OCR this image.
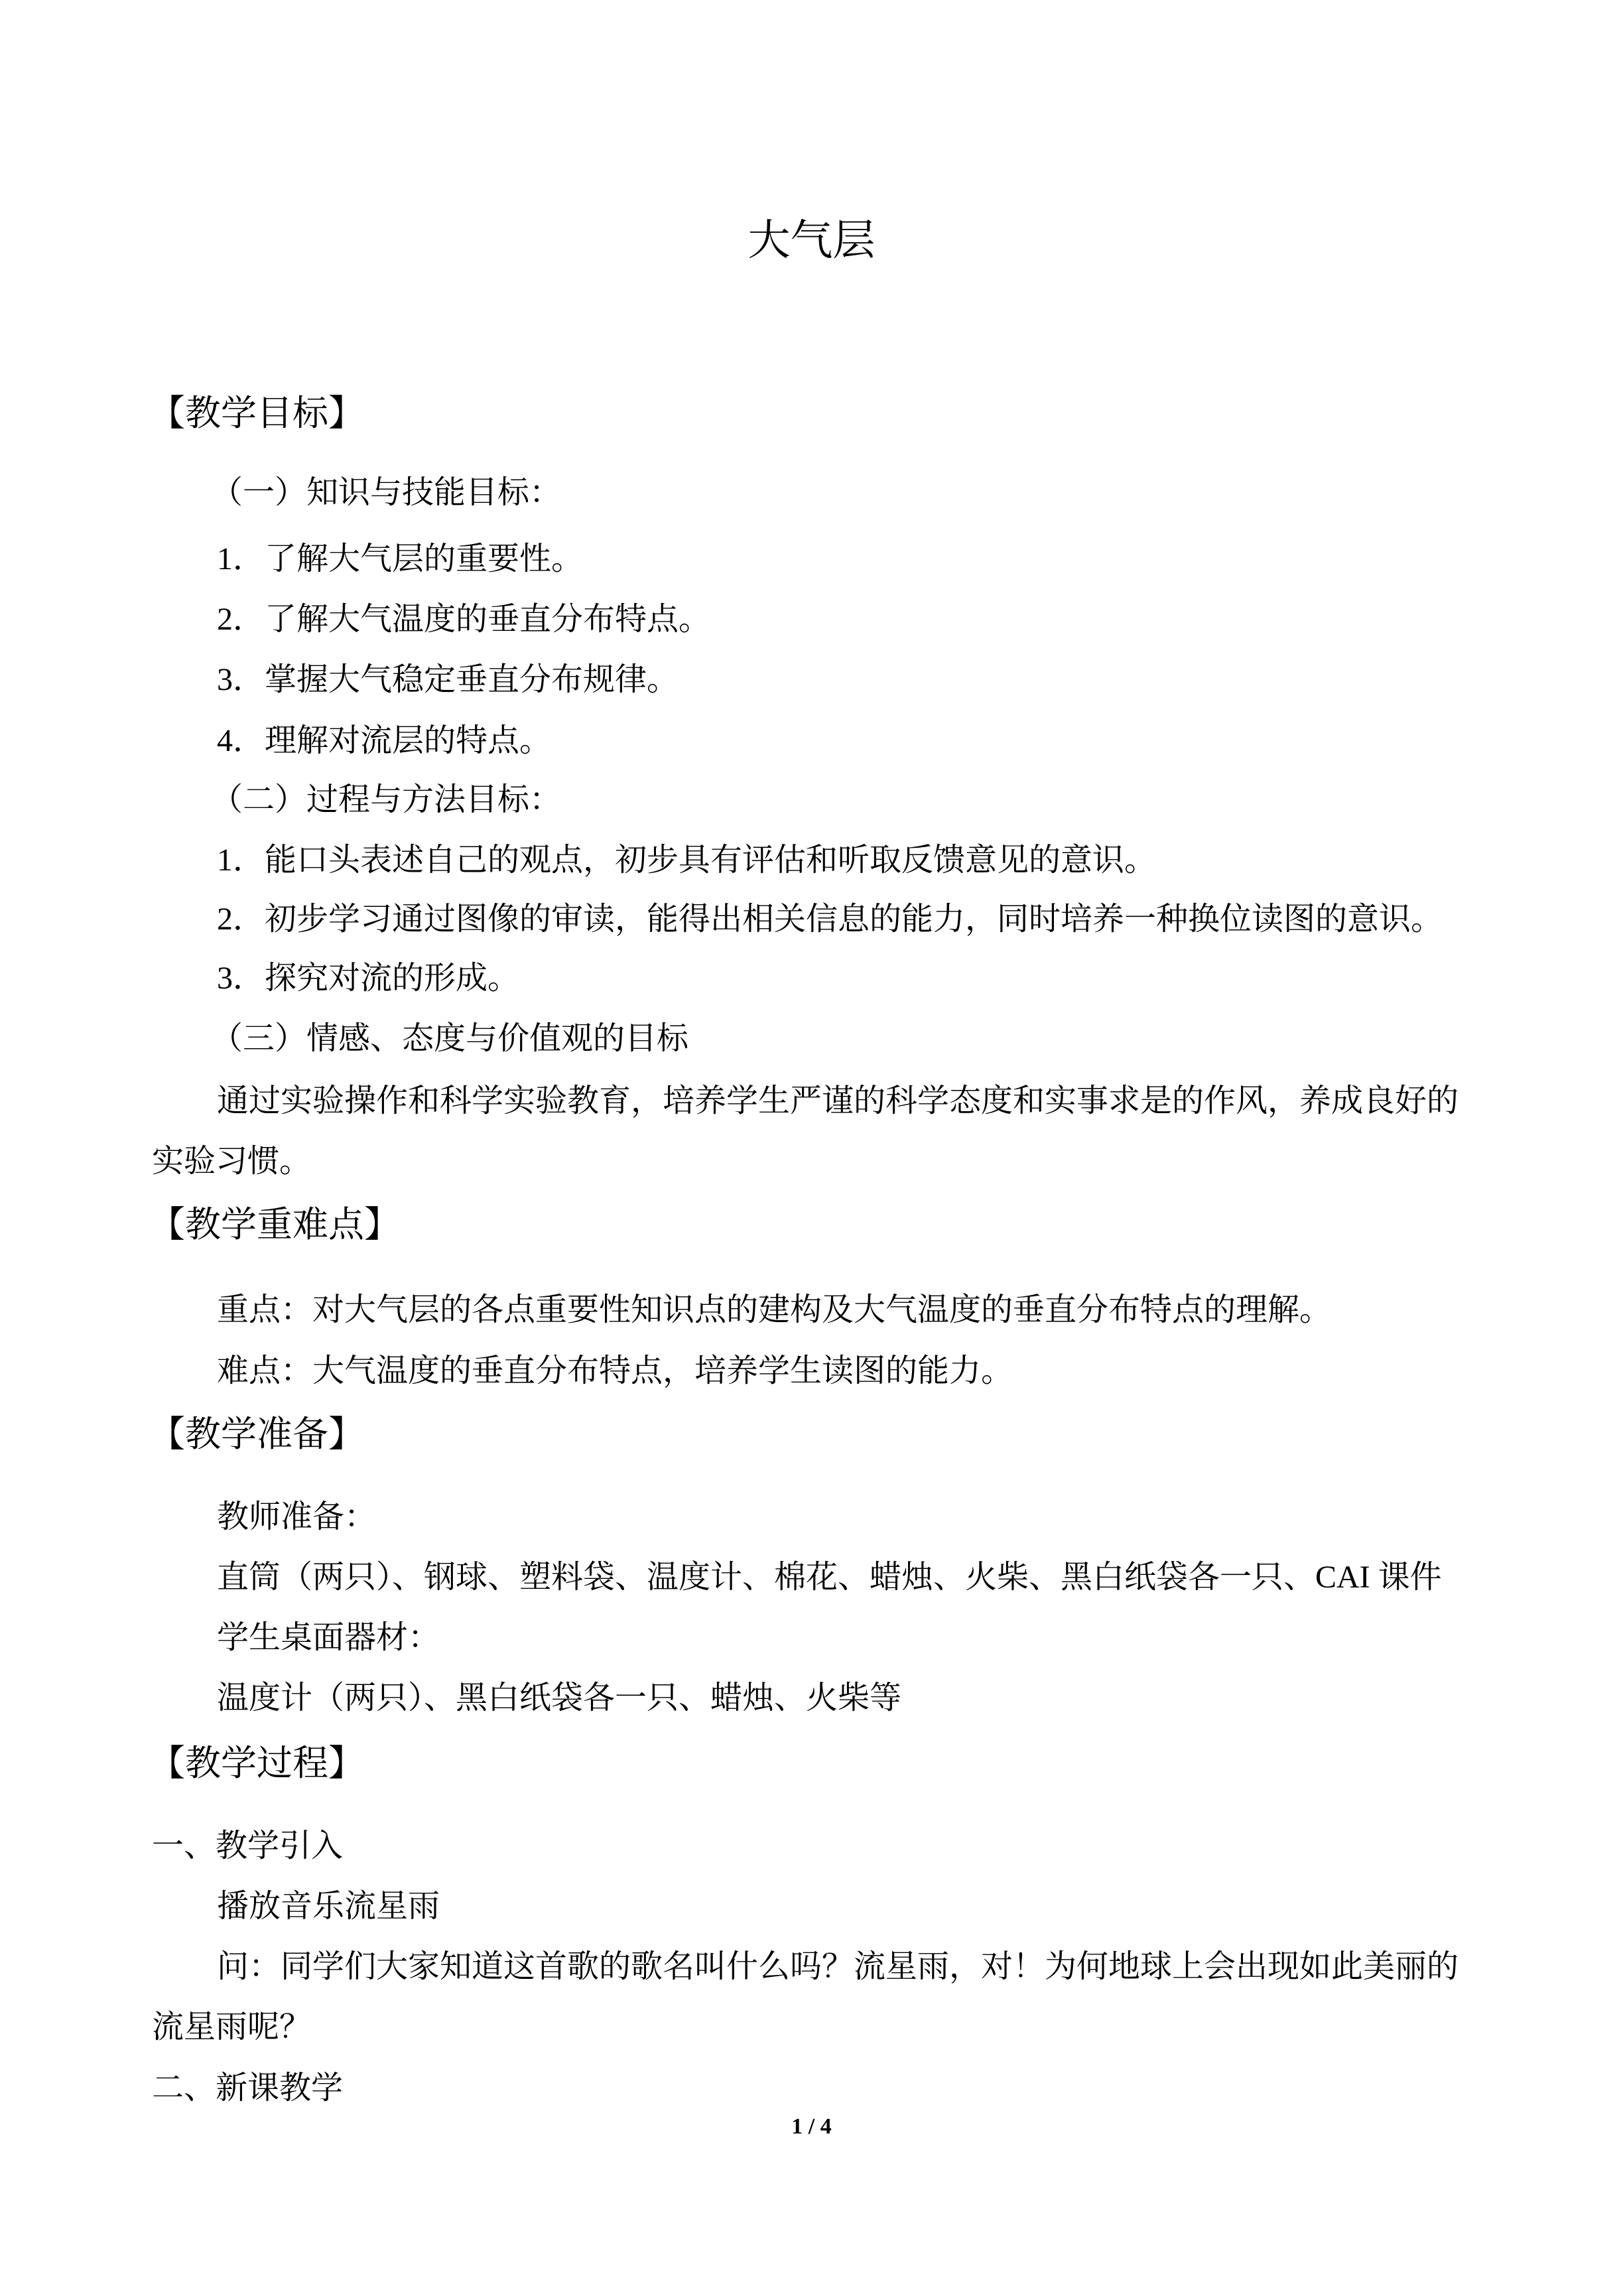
大气层
【教学目标】
（一）知识与技能目标：
1．了解大气层的重要性。
2．了解大气温度的垂直分布特点。
3．掌握大气稳定垂直分布规律。
4．理解对流层的特点。
（二）过程与方法目标：
1．能口头表述自己的观点，初步具有评估和听取反馈意见的意识。
2．初步学习通过图像的审读，能得出相关信息的能力，同时培养一种换位读图的意识。
3．探究对流的形成。
（三）情感、态度与价值观的目标
通过实验操作和科学实验教育，培养学生严谨的科学态度和实事求是的作风，养成良好的
实验习惯。
【教学重难点】
重点：对大气层的各点重要性知识点的建构及大气温度的垂直分布特点的理解。
难点：大气温度的垂直分布特点，培养学生读图的能力。
【教学准备】
教师准备：
直筒（两只）、钢球、塑料袋、温度计、棉花、蜡烛、火柴、黑白纸袋各一只、CAI 课件
学生桌面器材：
温度计（两只）、黑白纸袋各一只、蜡烛、火柴等
【教学过程】
一、教学引入
播放音乐流星雨
问：同学们大家知道这首歌的歌名叫什么吗？流星雨，对！为何地球上会出现如此美丽的
流星雨呢？
二、新课教学
1 / 4
